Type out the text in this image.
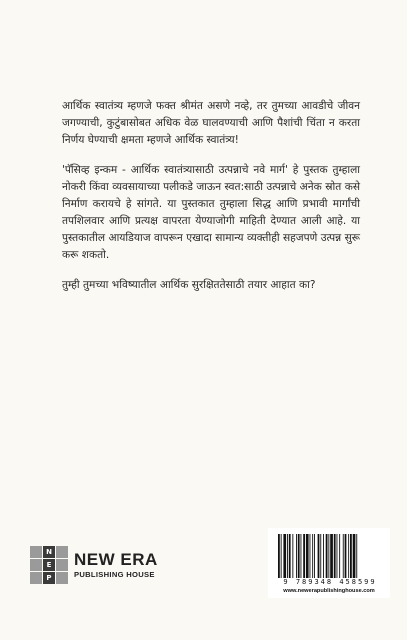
आर्थिक स्वातंत्र्य म्हणजे फक्त श्रीमंत असणे नव्हे, तर तुमच्या आवडीचे जीवन जगण्याची, कुटुंबासोबत अधिक वेळ घालवण्याची आणि पैशांची चिंता न करता निर्णय घेण्याची क्षमता म्हणजे आर्थिक स्वातंत्र्य!

'पॅसिव्ह इन्कम - आर्थिक स्वातंत्र्यासाठी उत्पन्नाचे नवे मार्ग' हे पुस्तक तुम्हाला नोकरी किंवा व्यवसायाच्या पलीकडे जाऊन स्वत:साठी उत्पन्नाचे अनेक स्रोत कसे निर्माण करायचे हे सांगते. या पुस्तकात तुम्हाला सिद्ध आणि प्रभावी मार्गांची तपशिलवार आणि प्रत्यक्ष वापरता येण्याजोगी माहिती देण्यात आली आहे. या पुस्तकातील आयडियाज वापरून एखादा सामान्य व्यक्तीही सहजपणे उत्पन्न सुरू करू शकतो.

तुम्ही तुमच्या भविष्यातील आर्थिक सुरक्षिततेसाठी तयार आहात का?

N
E
P
NEW ERA
PUBLISHING HOUSE
9 789348 458599
www.newerapublishinghouse.com
